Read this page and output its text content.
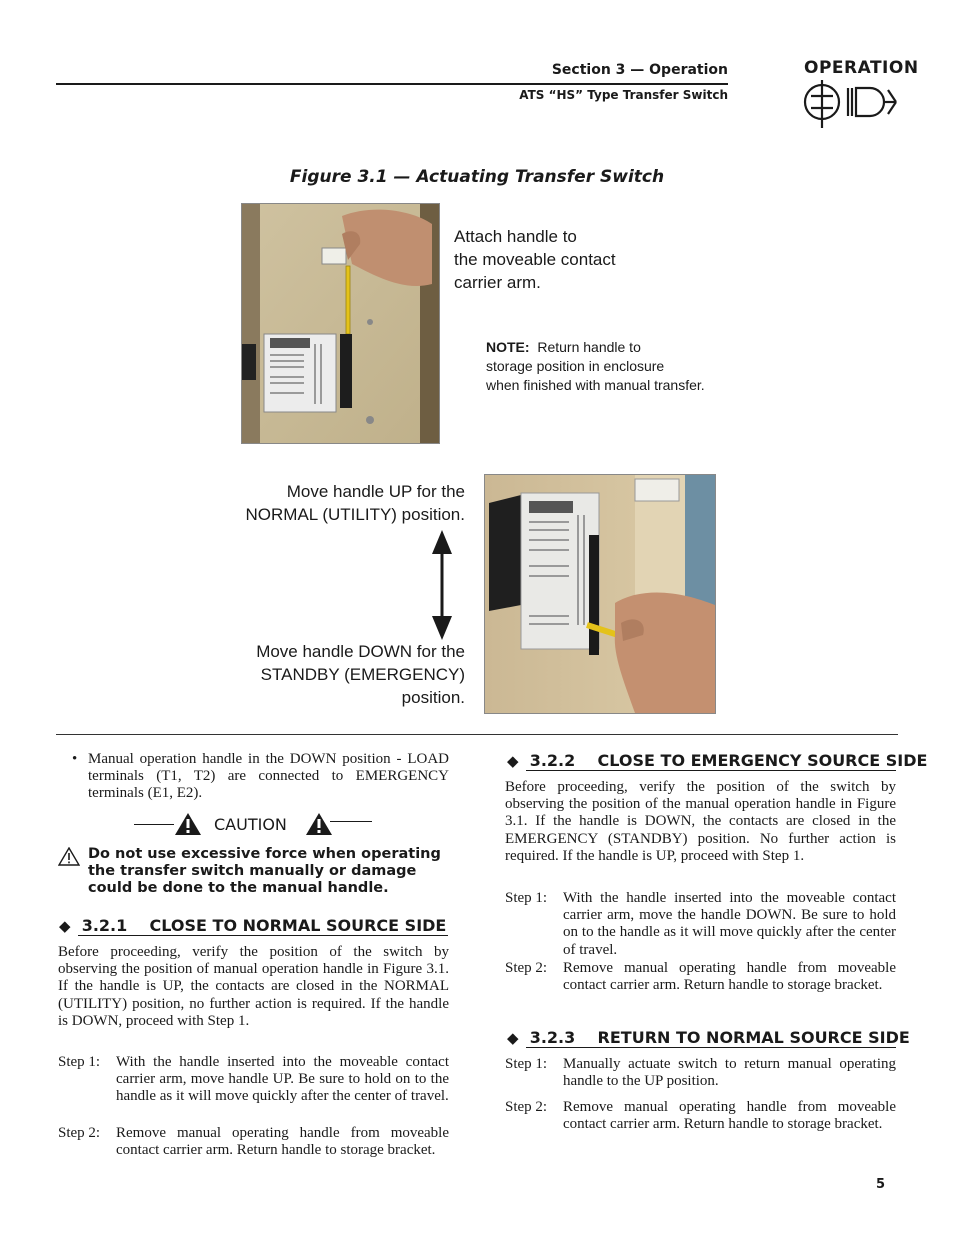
Section 3 — Operation
ATS “HS” Type Transfer Switch
OPERATION
Figure 3.1 — Actuating Transfer Switch
Attach handle to
the moveable contact
carrier arm.
NOTE: Return handle to
storage position in enclosure
when finished with manual transfer.
Move handle UP for the
NORMAL (UTILITY) position.
Move handle DOWN for the
STANDBY (EMERGENCY)
position.
• Manual operation handle in the DOWN position - LOAD terminals (T1, T2) are connected to EMERGENCY terminals (E1, E2).
CAUTION
Do not use excessive force when operating the transfer switch manually or damage could be done to the manual handle.
◆ 3.2.1 CLOSE TO NORMAL SOURCE SIDE
Before proceeding, verify the position of the switch by observing the position of manual operation handle in Figure 3.1. If the handle is UP, the contacts are closed in the NORMAL (UTILITY) position, no further action is required. If the handle is DOWN, proceed with Step 1.
Step 1: With the handle inserted into the moveable contact carrier arm, move handle UP. Be sure to hold on to the handle as it will move quickly after the center of travel.
Step 2: Remove manual operating handle from moveable contact carrier arm. Return handle to storage bracket.
◆ 3.2.2 CLOSE TO EMERGENCY SOURCE SIDE
Before proceeding, verify the position of the switch by observing the position of the manual operation handle in Figure 3.1. If the handle is DOWN, the contacts are closed in the EMERGENCY (STANDBY) position. No further action is required. If the handle is UP, proceed with Step 1.
Step 1: With the handle inserted into the moveable contact carrier arm, move the handle DOWN. Be sure to hold on to the handle as it will move quickly after the center of travel.
Step 2: Remove manual operating handle from moveable contact carrier arm. Return handle to storage bracket.
◆ 3.2.3 RETURN TO NORMAL SOURCE SIDE
Step 1: Manually actuate switch to return manual operating handle to the UP position.
Step 2: Remove manual operating handle from moveable contact carrier arm. Return handle to storage bracket.
5
